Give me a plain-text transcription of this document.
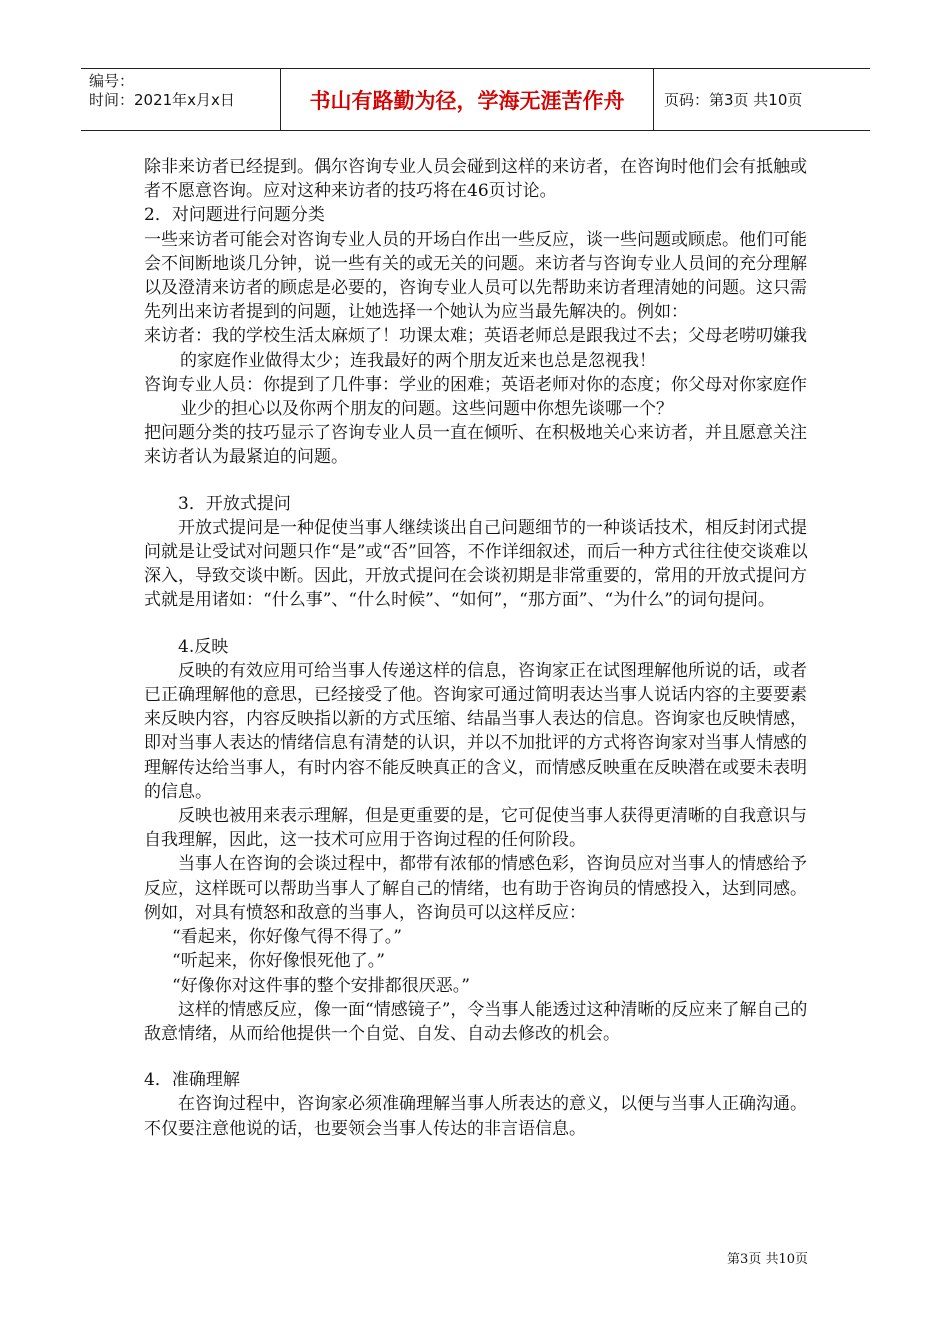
编号：
时间：2021年x月x日	书山有路勤为径，学海无涯苦作舟	页码：第3页 共10页

除非来访者已经提到。偶尔咨询专业人员会碰到这样的来访者，在咨询时他们会有抵触或者不愿意咨询。应对这种来访者的技巧将在46页讨论。

2．对问题进行问题分类

一些来访者可能会对咨询专业人员的开场白作出一些反应，谈一些问题或顾虑。他们可能会不间断地谈几分钟，说一些有关的或无关的问题。来访者与咨询专业人员间的充分理解以及澄清来访者的顾虑是必要的，咨询专业人员可以先帮助来访者理清她的问题。这只需先列出来访者提到的问题，让她选择一个她认为应当最先解决的。例如：

来访者：我的学校生活太麻烦了！功课太难；英语老师总是跟我过不去；父母老唠叨嫌我的家庭作业做得太少；连我最好的两个朋友近来也总是忽视我！

咨询专业人员：你提到了几件事：学业的困难；英语老师对你的态度；你父母对你家庭作业少的担心以及你两个朋友的问题。这些问题中你想先谈哪一个？

把问题分类的技巧显示了咨询专业人员一直在倾听、在积极地关心来访者，并且愿意关注来访者认为最紧迫的问题。

3．开放式提问

开放式提问是一种促使当事人继续谈出自己问题细节的一种谈话技术，相反封闭式提问就是让受试对问题只作“是”或“否”回答，不作详细叙述，而后一种方式往往使交谈难以深入，导致交谈中断。因此，开放式提问在会谈初期是非常重要的，常用的开放式提问方式就是用诸如：“什么事”、“什么时候”、“如何”，“那方面”、“为什么”的词句提问。

4.反映

反映的有效应用可给当事人传递这样的信息，咨询家正在试图理解他所说的话，或者已正确理解他的意思，已经接受了他。咨询家可通过简明表达当事人说话内容的主要要素来反映内容，内容反映指以新的方式压缩、结晶当事人表达的信息。咨询家也反映情感，即对当事人表达的情绪信息有清楚的认识，并以不加批评的方式将咨询家对当事人情感的理解传达给当事人，有时内容不能反映真正的含义，而情感反映重在反映潜在或要未表明的信息。

反映也被用来表示理解，但是更重要的是，它可促使当事人获得更清晰的自我意识与自我理解，因此，这一技术可应用于咨询过程的任何阶段。

当事人在咨询的会谈过程中，都带有浓郁的情感色彩，咨询员应对当事人的情感给予反应，这样既可以帮助当事人了解自己的情绪，也有助于咨询员的情感投入，达到同感。例如，对具有愤怒和敌意的当事人，咨询员可以这样反应：

“看起来，你好像气得不得了。”

“听起来，你好像恨死他了。”

“好像你对这件事的整个安排都很厌恶。”

这样的情感反应，像一面“情感镜子”，令当事人能透过这种清晰的反应来了解自己的敌意情绪，从而给他提供一个自觉、自发、自动去修改的机会。

4．准确理解

在咨询过程中，咨询家必须准确理解当事人所表达的意义，以便与当事人正确沟通。不仅要注意他说的话，也要领会当事人传达的非言语信息。

第3页 共10页
